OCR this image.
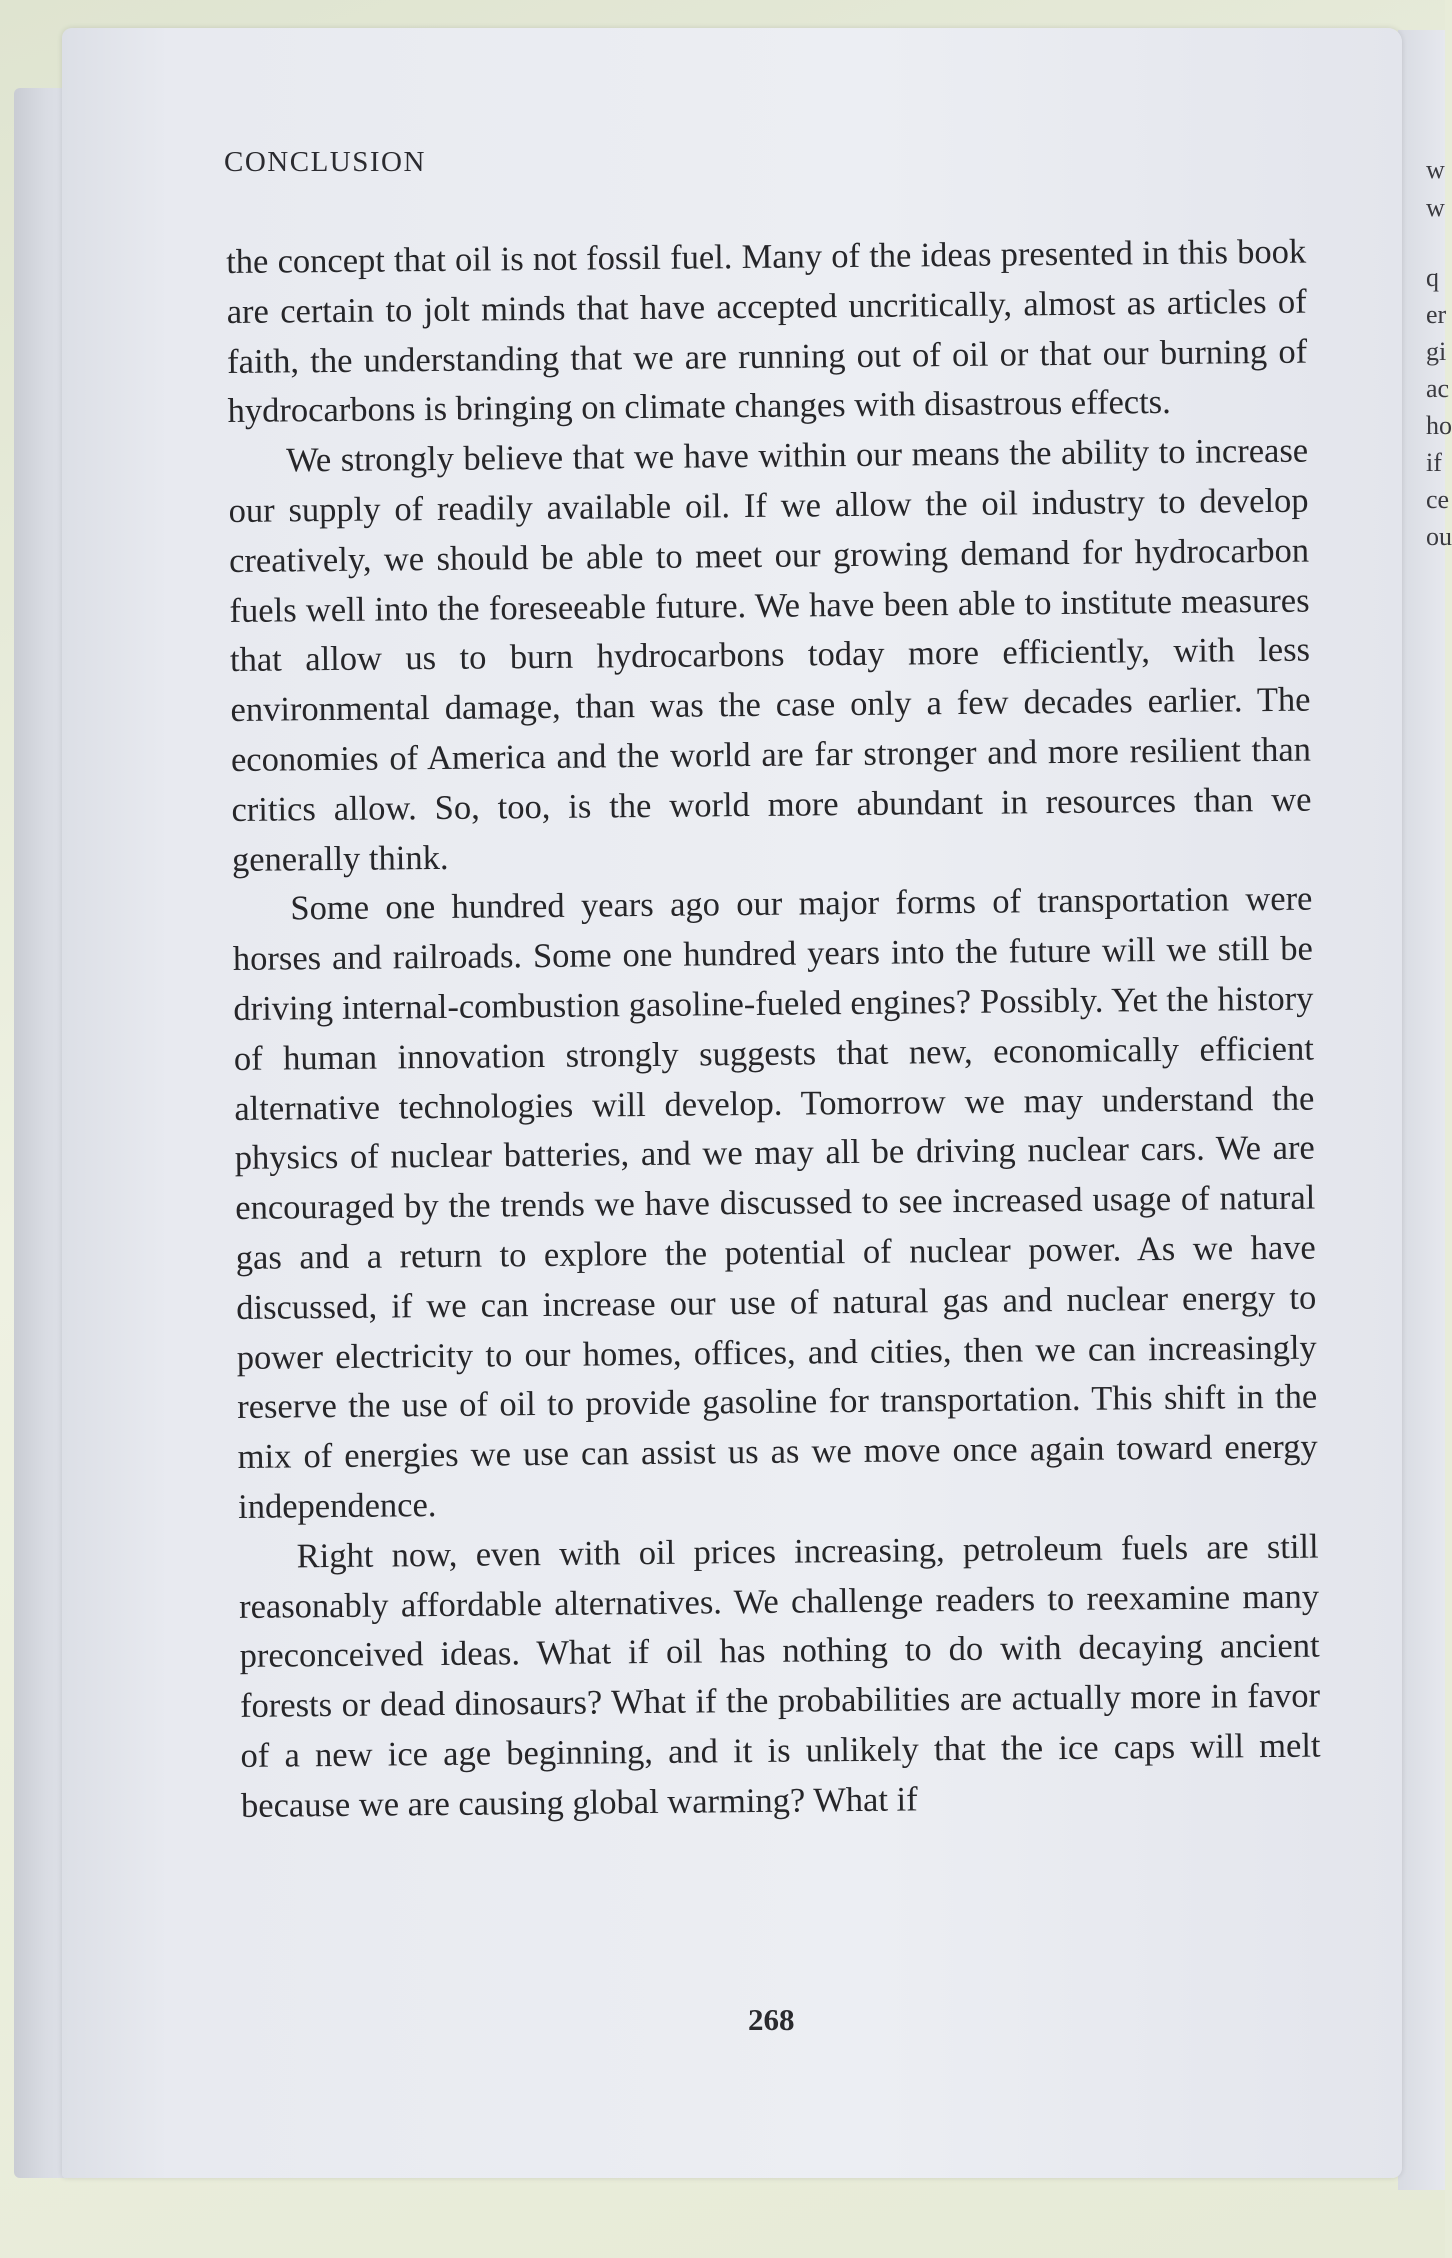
w
w
q
er
gi
ac
ho
if
ce
ou
CONCLUSION

the concept that oil is not fossil fuel. Many of the ideas presented in this book are certain to jolt minds that have accepted uncritically, almost as articles of faith, the understanding that we are running out of oil or that our burning of hydrocarbons is bringing on climate changes with disastrous effects.

We strongly believe that we have within our means the ability to increase our supply of readily available oil. If we allow the oil industry to develop creatively, we should be able to meet our growing demand for hydrocarbon fuels well into the foreseeable future. We have been able to institute measures that allow us to burn hydrocarbons today more efficiently, with less environmental damage, than was the case only a few decades earlier. The economies of America and the world are far stronger and more resilient than critics allow. So, too, is the world more abundant in resources than we generally think.

Some one hundred years ago our major forms of transportation were horses and railroads. Some one hundred years into the future will we still be driving internal-combustion gasoline-fueled engines? Possibly. Yet the history of human innovation strongly suggests that new, economically efficient alternative technologies will develop. Tomorrow we may understand the physics of nuclear batteries, and we may all be driving nuclear cars. We are encouraged by the trends we have discussed to see increased usage of natural gas and a return to explore the potential of nuclear power. As we have discussed, if we can increase our use of natural gas and nuclear energy to power electricity to our homes, offices, and cities, then we can increasingly reserve the use of oil to provide gasoline for transportation. This shift in the mix of energies we use can assist us as we move once again toward energy independence.

Right now, even with oil prices increasing, petroleum fuels are still reasonably affordable alternatives. We challenge readers to reexamine many preconceived ideas. What if oil has nothing to do with decaying ancient forests or dead dinosaurs? What if the probabilities are actually more in favor of a new ice age beginning, and it is unlikely that the ice caps will melt because we are causing global warming? What if

268
